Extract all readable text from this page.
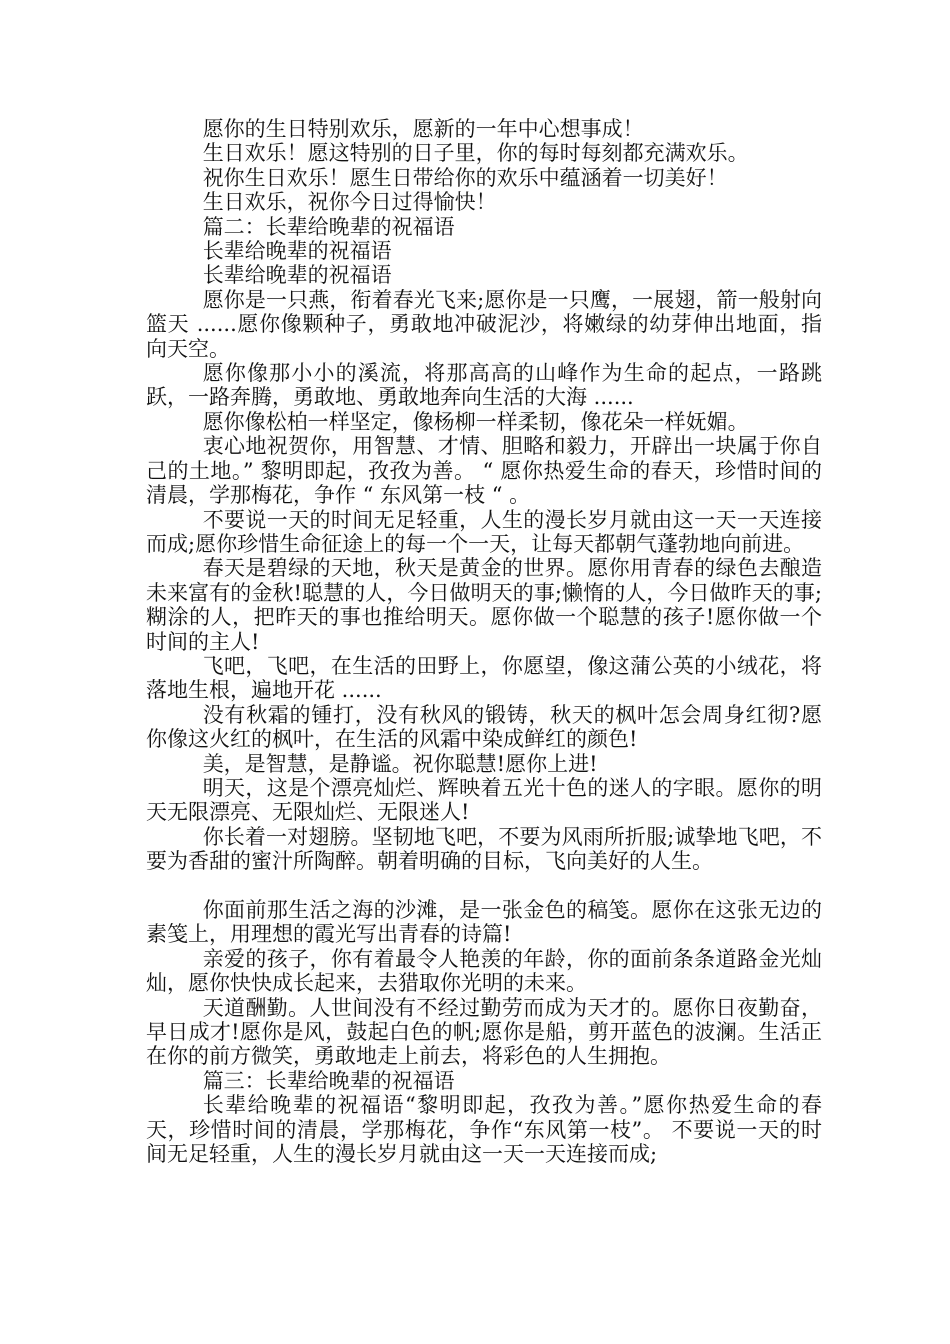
愿你的生日特别欢乐，愿新的一年中心想事成！

生日欢乐！愿这特别的日子里，你的每时每刻都充满欢乐。

祝你生日欢乐！愿生日带给你的欢乐中蕴涵着一切美好！

生日欢乐，祝你今日过得愉快！

篇二：长辈给晚辈的祝福语

长辈给晚辈的祝福语

长辈给晚辈的祝福语

愿你是一只燕，衔着春光飞来;愿你是一只鹰，一展翅，箭一般射向篮天 ......愿你像颗种子，勇敢地冲破泥沙，将嫩绿的幼芽伸出地面，指向天空。

愿你像那小小的溪流，将那高高的山峰作为生命的起点，一路跳跃，一路奔腾，勇敢地、勇敢地奔向生活的大海 ......

愿你像松柏一样坚定，像杨柳一样柔韧，像花朵一样妩媚。

衷心地祝贺你，用智慧、才情、胆略和毅力，开辟出一块属于你自己的土地。” 黎明即起，孜孜为善。 “ 愿你热爱生命的春天，珍惜时间的清晨，学那梅花，争作 “ 东风第一枝 “ 。

不要说一天的时间无足轻重，人生的漫长岁月就由这一天一天连接而成;愿你珍惜生命征途上的每一个一天，让每天都朝气蓬勃地向前进。

春天是碧绿的天地，秋天是黄金的世界。愿你用青春的绿色去酿造未来富有的金秋!聪慧的人，今日做明天的事;懒惰的人，今日做昨天的事;糊涂的人，把昨天的事也推给明天。愿你做一个聪慧的孩子!愿你做一个时间的主人!

飞吧，飞吧，在生活的田野上，你愿望，像这蒲公英的小绒花，将落地生根，遍地开花 ......

没有秋霜的锺打，没有秋风的锻铸，秋天的枫叶怎会周身红彻?愿你像这火红的枫叶，在生活的风霜中染成鲜红的颜色!

美，是智慧，是静谧。祝你聪慧!愿你上进!

明天，这是个漂亮灿烂、辉映着五光十色的迷人的字眼。愿你的明天无限漂亮、无限灿烂、无限迷人!

你长着一对翅膀。坚韧地飞吧，不要为风雨所折服;诚挚地飞吧，不要为香甜的蜜汁所陶醉。朝着明确的目标，飞向美好的人生。

你面前那生活之海的沙滩，是一张金色的稿笺。愿你在这张无边的素笺上，用理想的霞光写出青春的诗篇!

亲爱的孩子，你有着最令人艳羡的年龄，你的面前条条道路金光灿灿，愿你快快成长起来，去猎取你光明的未来。

天道酬勤。人世间没有不经过勤劳而成为天才的。愿你日夜勤奋，早日成才!愿你是风，鼓起白色的帆;愿你是船，剪开蓝色的波澜。生活正在你的前方微笑，勇敢地走上前去，将彩色的人生拥抱。

篇三：长辈给晚辈的祝福语

长辈给晚辈的祝福语“黎明即起，孜孜为善。”愿你热爱生命的春天，珍惜时间的清晨，学那梅花，争作“东风第一枝”。 不要说一天的时间无足轻重，人生的漫长岁月就由这一天一天连接而成;
